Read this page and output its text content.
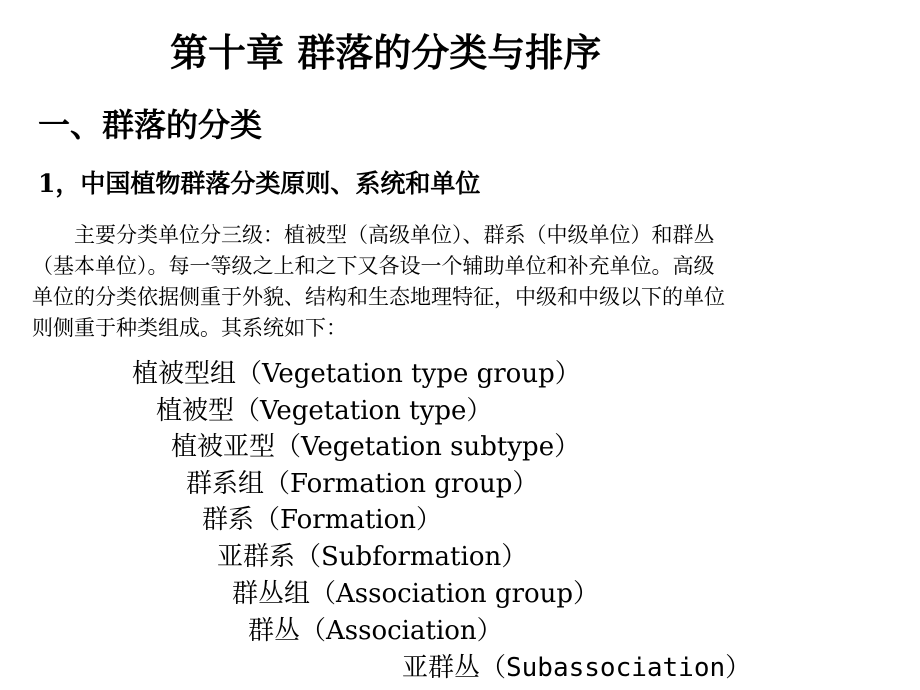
第十章 群落的分类与排序
一、群落的分类
1，中国植物群落分类原则、系统和单位

　　主要分类单位分三级：植被型（高级单位）、群系（中级单位）和群丛
（基本单位）。每一等级之上和之下又各设一个辅助单位和补充单位。高级
单位的分类依据侧重于外貌、结构和生态地理特征，中级和中级以下的单位
则侧重于种类组成。其系统如下：

植被型组（Vegetation type group）
植被型（Vegetation type）
植被亚型（Vegetation subtype）
群系组（Formation group）
群系（Formation）
亚群系（Subformation）
群丛组（Association group）
群丛（Association）
亚群丛（Subassociation）
